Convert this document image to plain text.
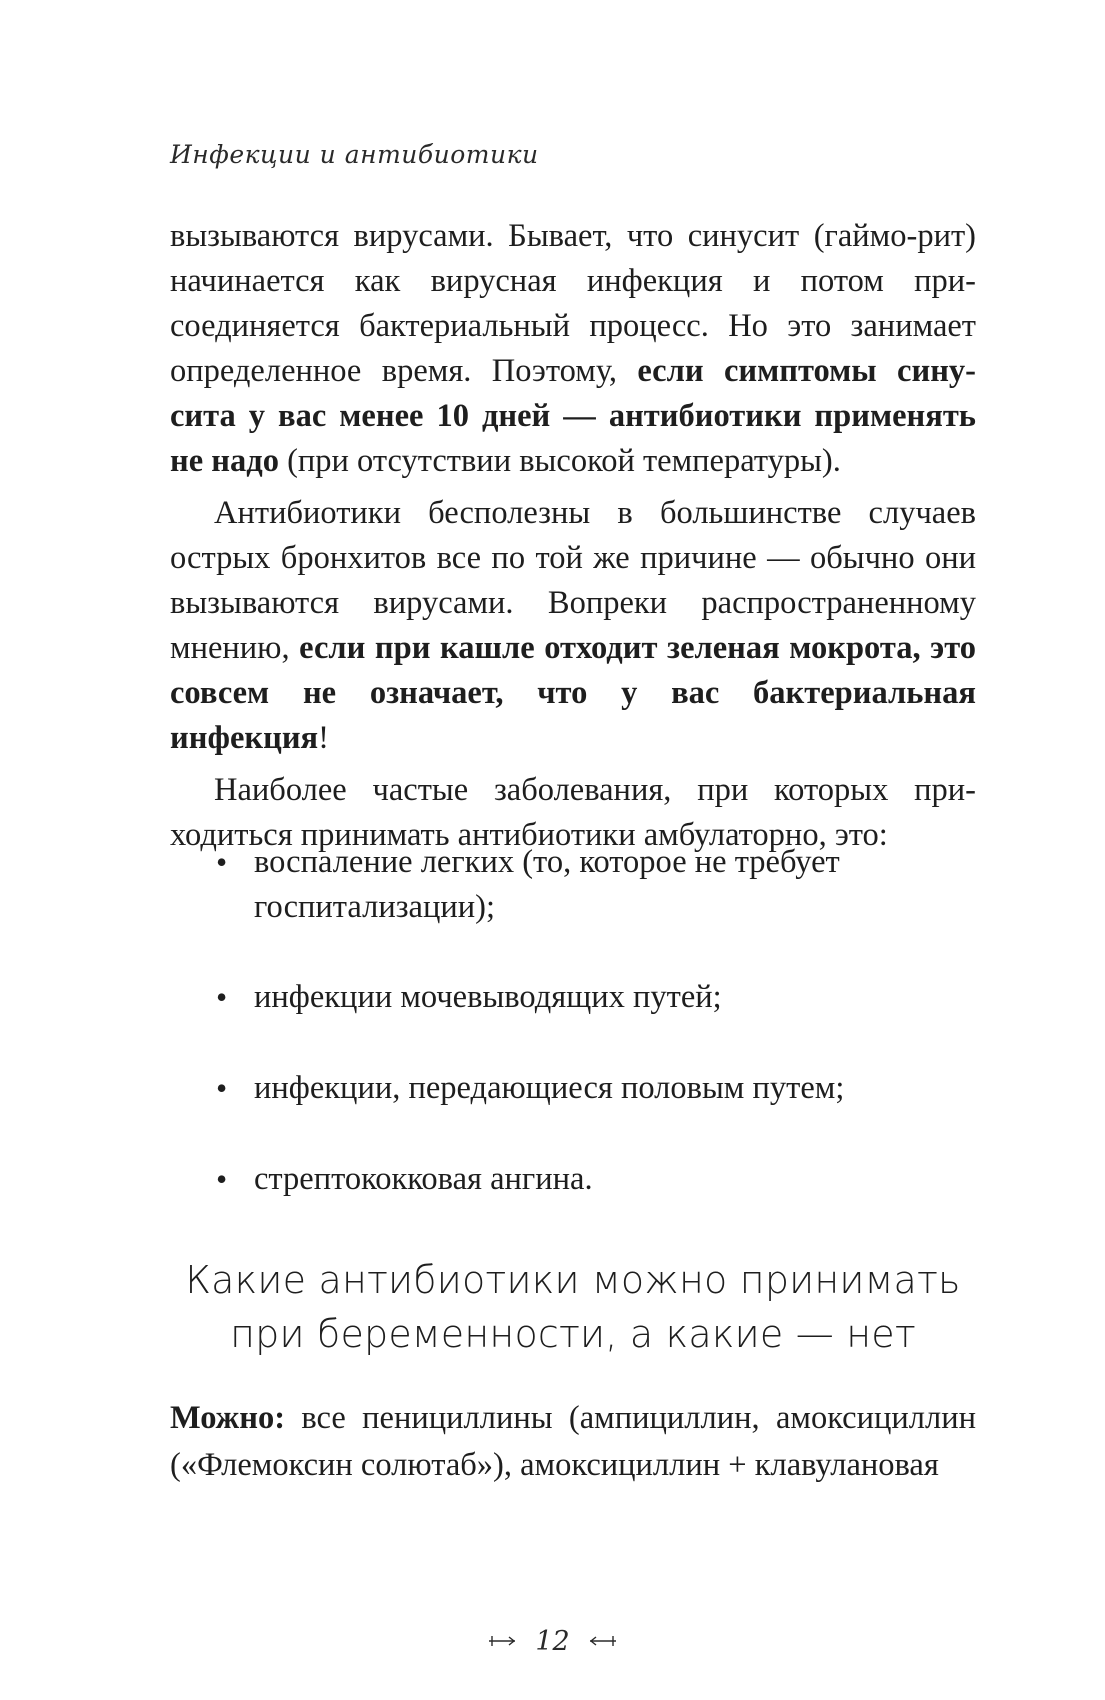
Инфекции и антибиотики

вызываются вирусами. Бывает, что синусит (гаймо-рит) начинается как вирусная инфекция и потом при-соединяется бактериальный процесс. Но это занимает определенное время. Поэтому, если симптомы сину-сита у вас менее 10 дней — антибиотики применять не надо (при отсутствии высокой температуры).

Антибиотики бесполезны в большинстве случаев острых бронхитов все по той же причине — обычно они вызываются вирусами. Вопреки распространенному мнению, если при кашле отходит зеленая мокрота, это совсем не означает, что у вас бактериальная инфекция!

Наиболее частые заболевания, при которых при-ходиться принимать антибиотики амбулаторно, это:

• воспаление легких (то, которое не требует госпитализации);
• инфекции мочевыводящих путей;
• инфекции, передающиеся половым путем;
• стрептококковая ангина.
Какие антибиотики можно принимать
при беременности, а какие — нет

Можно: все пенициллины (ампициллин, амоксициллин («Флемоксин солютаб»), амоксициллин + клавулановая

12
